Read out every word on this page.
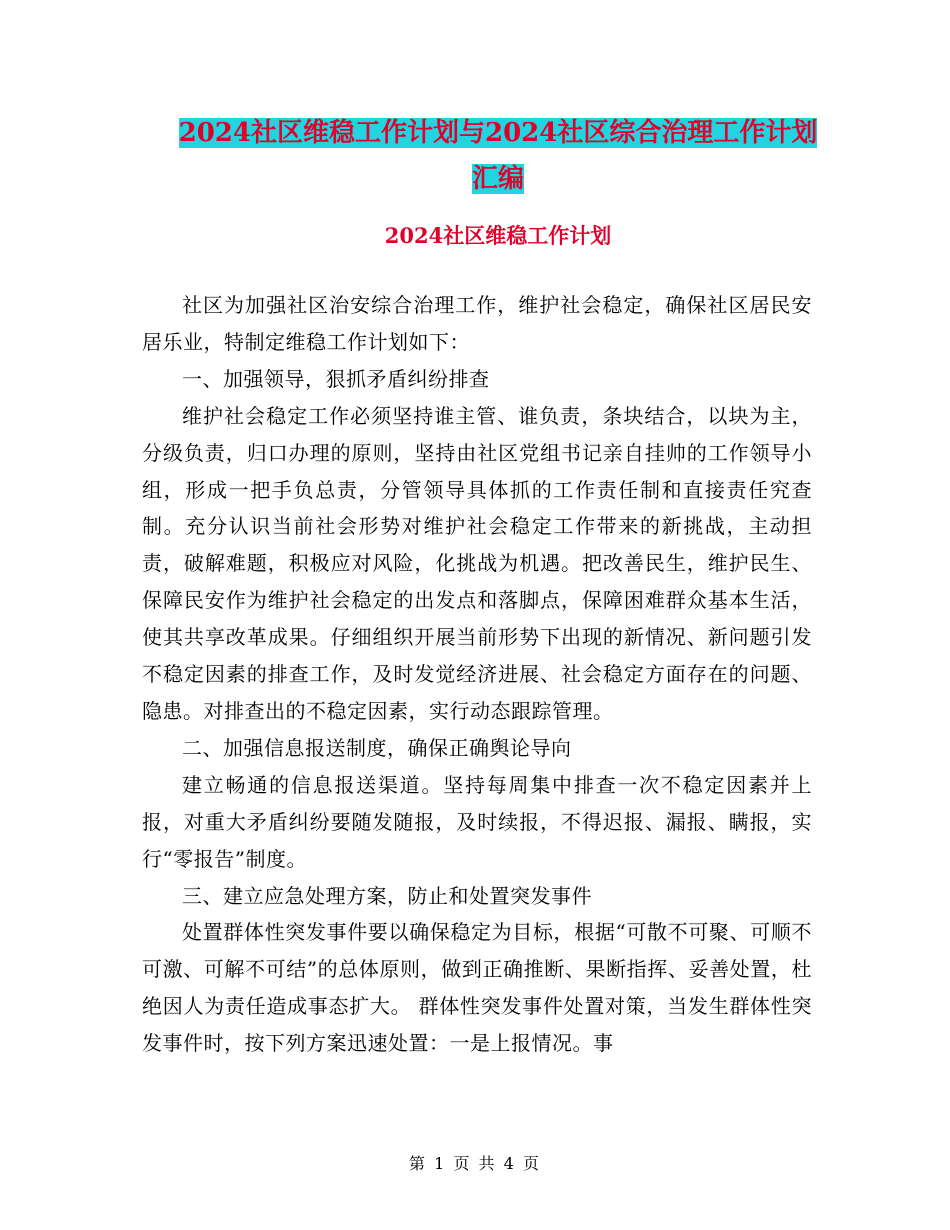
2024社区维稳工作计划与2024社区综合治理工作计划
汇编
2024社区维稳工作计划

社区为加强社区治安综合治理工作，维护社会稳定，确保社区居民安居乐业，特制定维稳工作计划如下：

一、加强领导，狠抓矛盾纠纷排查

维护社会稳定工作必须坚持谁主管、谁负责，条块结合，以块为主，分级负责，归口办理的原则，坚持由社区党组书记亲自挂帅的工作领导小组，形成一把手负总责，分管领导具体抓的工作责任制和直接责任究查制。充分认识当前社会形势对维护社会稳定工作带来的新挑战，主动担责，破解难题，积极应对风险，化挑战为机遇。把改善民生，维护民生、保障民安作为维护社会稳定的出发点和落脚点，保障困难群众基本生活，使其共享改革成果。仔细组织开展当前形势下出现的新情况、新问题引发不稳定因素的排查工作，及时发觉经济进展、社会稳定方面存在的问题、隐患。对排查出的不稳定因素，实行动态跟踪管理。

二、加强信息报送制度，确保正确舆论导向

建立畅通的信息报送渠道。坚持每周集中排查一次不稳定因素并上报，对重大矛盾纠纷要随发随报，及时续报，不得迟报、漏报、瞒报，实行“零报告”制度。

三、建立应急处理方案，防止和处置突发事件

处置群体性突发事件要以确保稳定为目标，根据“可散不可聚、可顺不可激、可解不可结”的总体原则，做到正确推断、果断指挥、妥善处置，杜绝因人为责任造成事态扩大。 群体性突发事件处置对策，当发生群体性突发事件时，按下列方案迅速处置：一是上报情况。事

第 1 页 共 4 页
